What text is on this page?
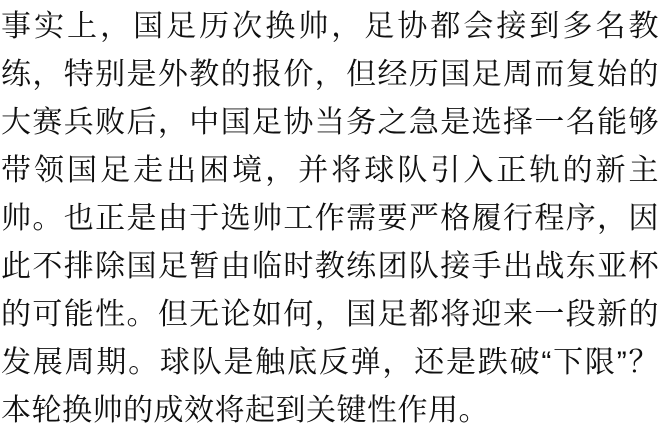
事实上，国足历次换帅，足协都会接到多名教练，特别是外教的报价，但经历国足周而复始的大赛兵败后，中国足协当务之急是选择一名能够带领国足走出困境，并将球队引入正轨的新主帅。也正是由于选帅工作需要严格履行程序，因此不排除国足暂由临时教练团队接手出战东亚杯的可能性。但无论如何，国足都将迎来一段新的发展周期。球队是触底反弹，还是跌破“下限”？本轮换帅的成效将起到关键性作用。
